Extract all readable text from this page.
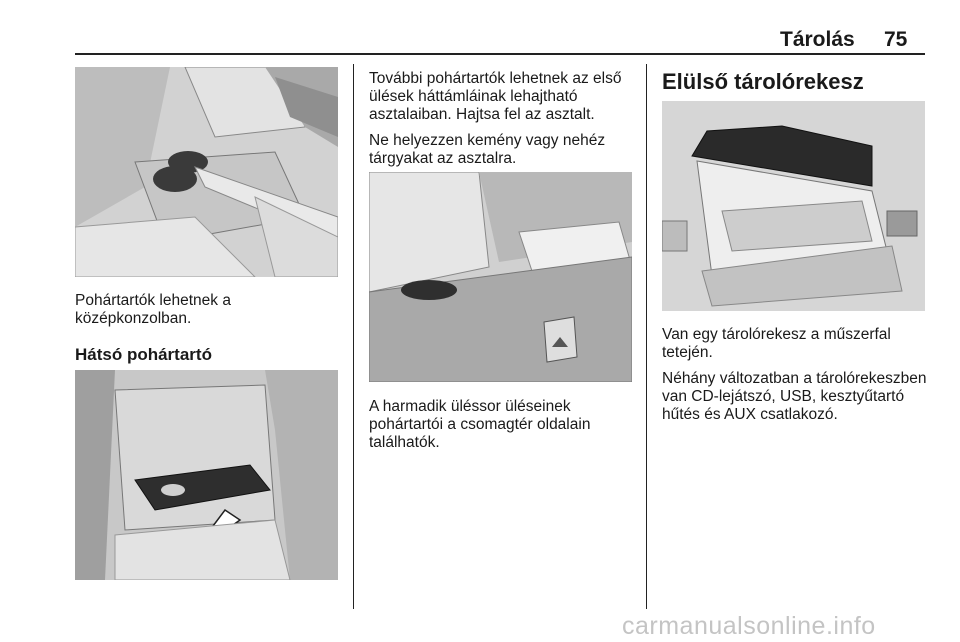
Tárolás 75
Pohártartók lehetnek a középkonzolban.
Hátsó pohártartó

További pohártartók lehetnek az első ülések háttámláinak lehajtható asztalaiban. Hajtsa fel az asztalt.

Ne helyezzen kemény vagy nehéz tárgyakat az asztalra.

A harmadik üléssor üléseinek pohártartói a csomagtér oldalain találhatók.
Elülső tárolórekesz

Van egy tárolórekesz a műszerfal tetején.

Néhány változatban a tárolórekeszben van CD-lejátszó, USB, kesztyűtartó hűtés és AUX csatlakozó.

carmanualsonline.info
